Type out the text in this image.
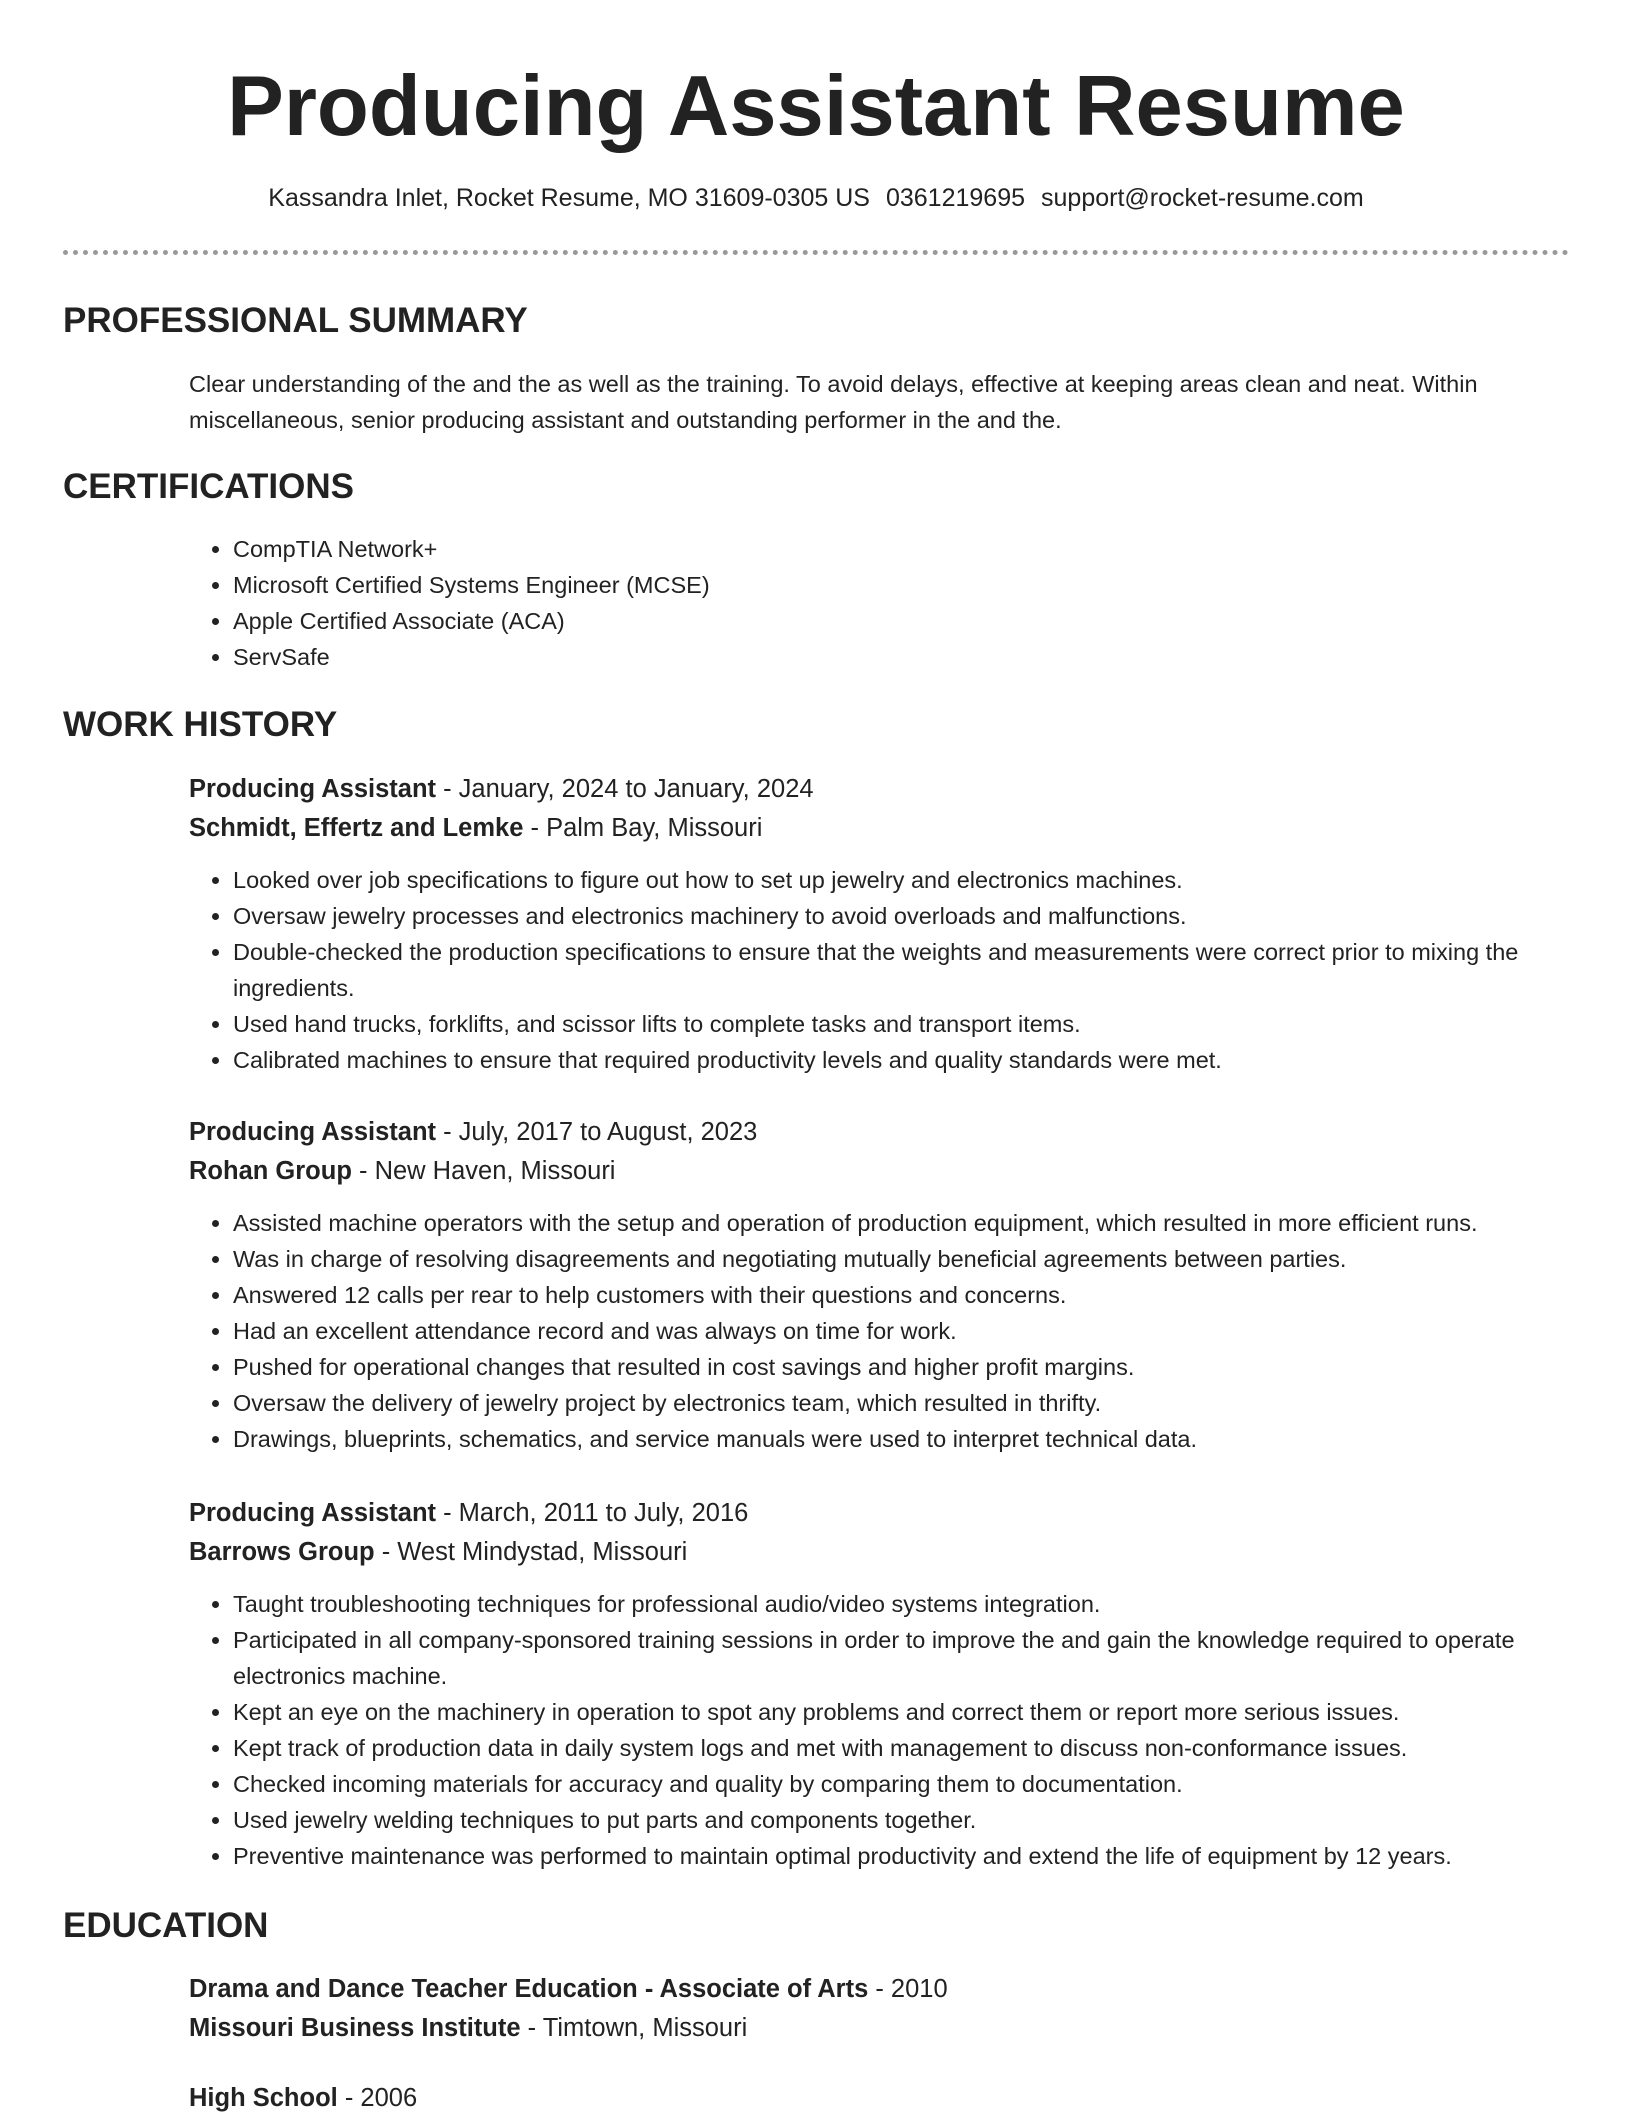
Producing Assistant Resume
Kassandra Inlet, Rocket Resume, MO 31609-0305 US 0361219695 support@rocket-resume.com
PROFESSIONAL SUMMARY

Clear understanding of the and the as well as the training. To avoid delays, effective at keeping areas clean and neat. Within miscellaneous, senior producing assistant and outstanding performer in the and the.

CERTIFICATIONS
• CompTIA Network+
• Microsoft Certified Systems Engineer (MCSE)
• Apple Certified Associate (ACA)
• ServSafe
WORK HISTORY
Producing Assistant - January, 2024 to January, 2024
Schmidt, Effertz and Lemke - Palm Bay, Missouri
• Looked over job specifications to figure out how to set up jewelry and electronics machines.
• Oversaw jewelry processes and electronics machinery to avoid overloads and malfunctions.
• Double-checked the production specifications to ensure that the weights and measurements were correct prior to mixing the ingredients.
• Used hand trucks, forklifts, and scissor lifts to complete tasks and transport items.
• Calibrated machines to ensure that required productivity levels and quality standards were met.
Producing Assistant - July, 2017 to August, 2023
Rohan Group - New Haven, Missouri
• Assisted machine operators with the setup and operation of production equipment, which resulted in more efficient runs.
• Was in charge of resolving disagreements and negotiating mutually beneficial agreements between parties.
• Answered 12 calls per rear to help customers with their questions and concerns.
• Had an excellent attendance record and was always on time for work.
• Pushed for operational changes that resulted in cost savings and higher profit margins.
• Oversaw the delivery of jewelry project by electronics team, which resulted in thrifty.
• Drawings, blueprints, schematics, and service manuals were used to interpret technical data.
Producing Assistant - March, 2011 to July, 2016
Barrows Group - West Mindystad, Missouri
• Taught troubleshooting techniques for professional audio/video systems integration.
• Participated in all company-sponsored training sessions in order to improve the and gain the knowledge required to operate electronics machine.
• Kept an eye on the machinery in operation to spot any problems and correct them or report more serious issues.
• Kept track of production data in daily system logs and met with management to discuss non-conformance issues.
• Checked incoming materials for accuracy and quality by comparing them to documentation.
• Used jewelry welding techniques to put parts and components together.
• Preventive maintenance was performed to maintain optimal productivity and extend the life of equipment by 12 years.
EDUCATION
Drama and Dance Teacher Education - Associate of Arts - 2010
Missouri Business Institute - Timtown, Missouri
High School - 2006
